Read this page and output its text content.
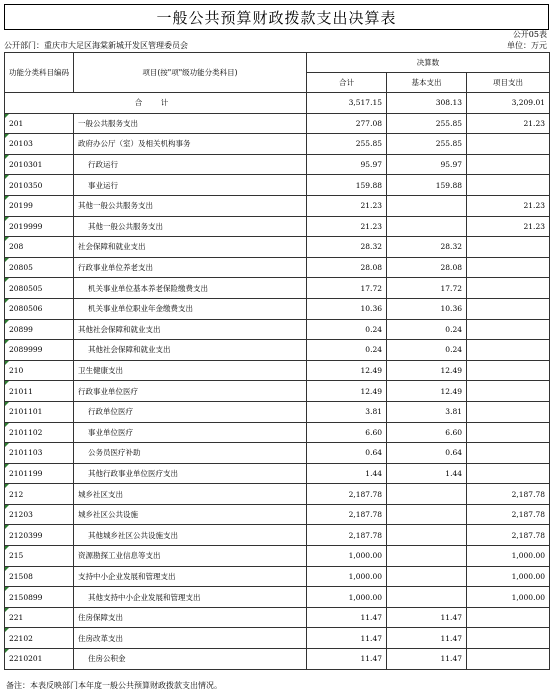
一般公共预算财政拨款支出决算表
公开05表
公开部门：重庆市大足区海棠新城开发区管理委员会	单位：万元
功能分类科目编码	项目(按"项"级功能分类科目)	决算数		
		合计	基本支出	项目支出
合 计		3,517.15	308.13	3,209.01
201	一般公共服务支出	277.08	255.85	21.23
20103	政府办公厅（室）及相关机构事务	255.85	255.85	
2010301	行政运行	95.97	95.97	
2010350	事业运行	159.88	159.88	
20199	其他一般公共服务支出	21.23		21.23
2019999	其他一般公共服务支出	21.23		21.23
208	社会保障和就业支出	28.32	28.32	
20805	行政事业单位养老支出	28.08	28.08	
2080505	机关事业单位基本养老保险缴费支出	17.72	17.72	
2080506	机关事业单位职业年金缴费支出	10.36	10.36	
20899	其他社会保障和就业支出	0.24	0.24	
2089999	其他社会保障和就业支出	0.24	0.24	
210	卫生健康支出	12.49	12.49	
21011	行政事业单位医疗	12.49	12.49	
2101101	行政单位医疗	3.81	3.81	
2101102	事业单位医疗	6.60	6.60	
2101103	公务员医疗补助	0.64	0.64	
2101199	其他行政事业单位医疗支出	1.44	1.44	
212	城乡社区支出	2,187.78		2,187.78
21203	城乡社区公共设施	2,187.78		2,187.78
2120399	其他城乡社区公共设施支出	2,187.78		2,187.78
215	资源勘探工业信息等支出	1,000.00		1,000.00
21508	支持中小企业发展和管理支出	1,000.00		1,000.00
2150899	其他支持中小企业发展和管理支出	1,000.00		1,000.00
221	住房保障支出	11.47	11.47	
22102	住房改革支出	11.47	11.47	
2210201	住房公积金	11.47	11.47	
备注：本表反映部门本年度一般公共预算财政拨款支出情况。
